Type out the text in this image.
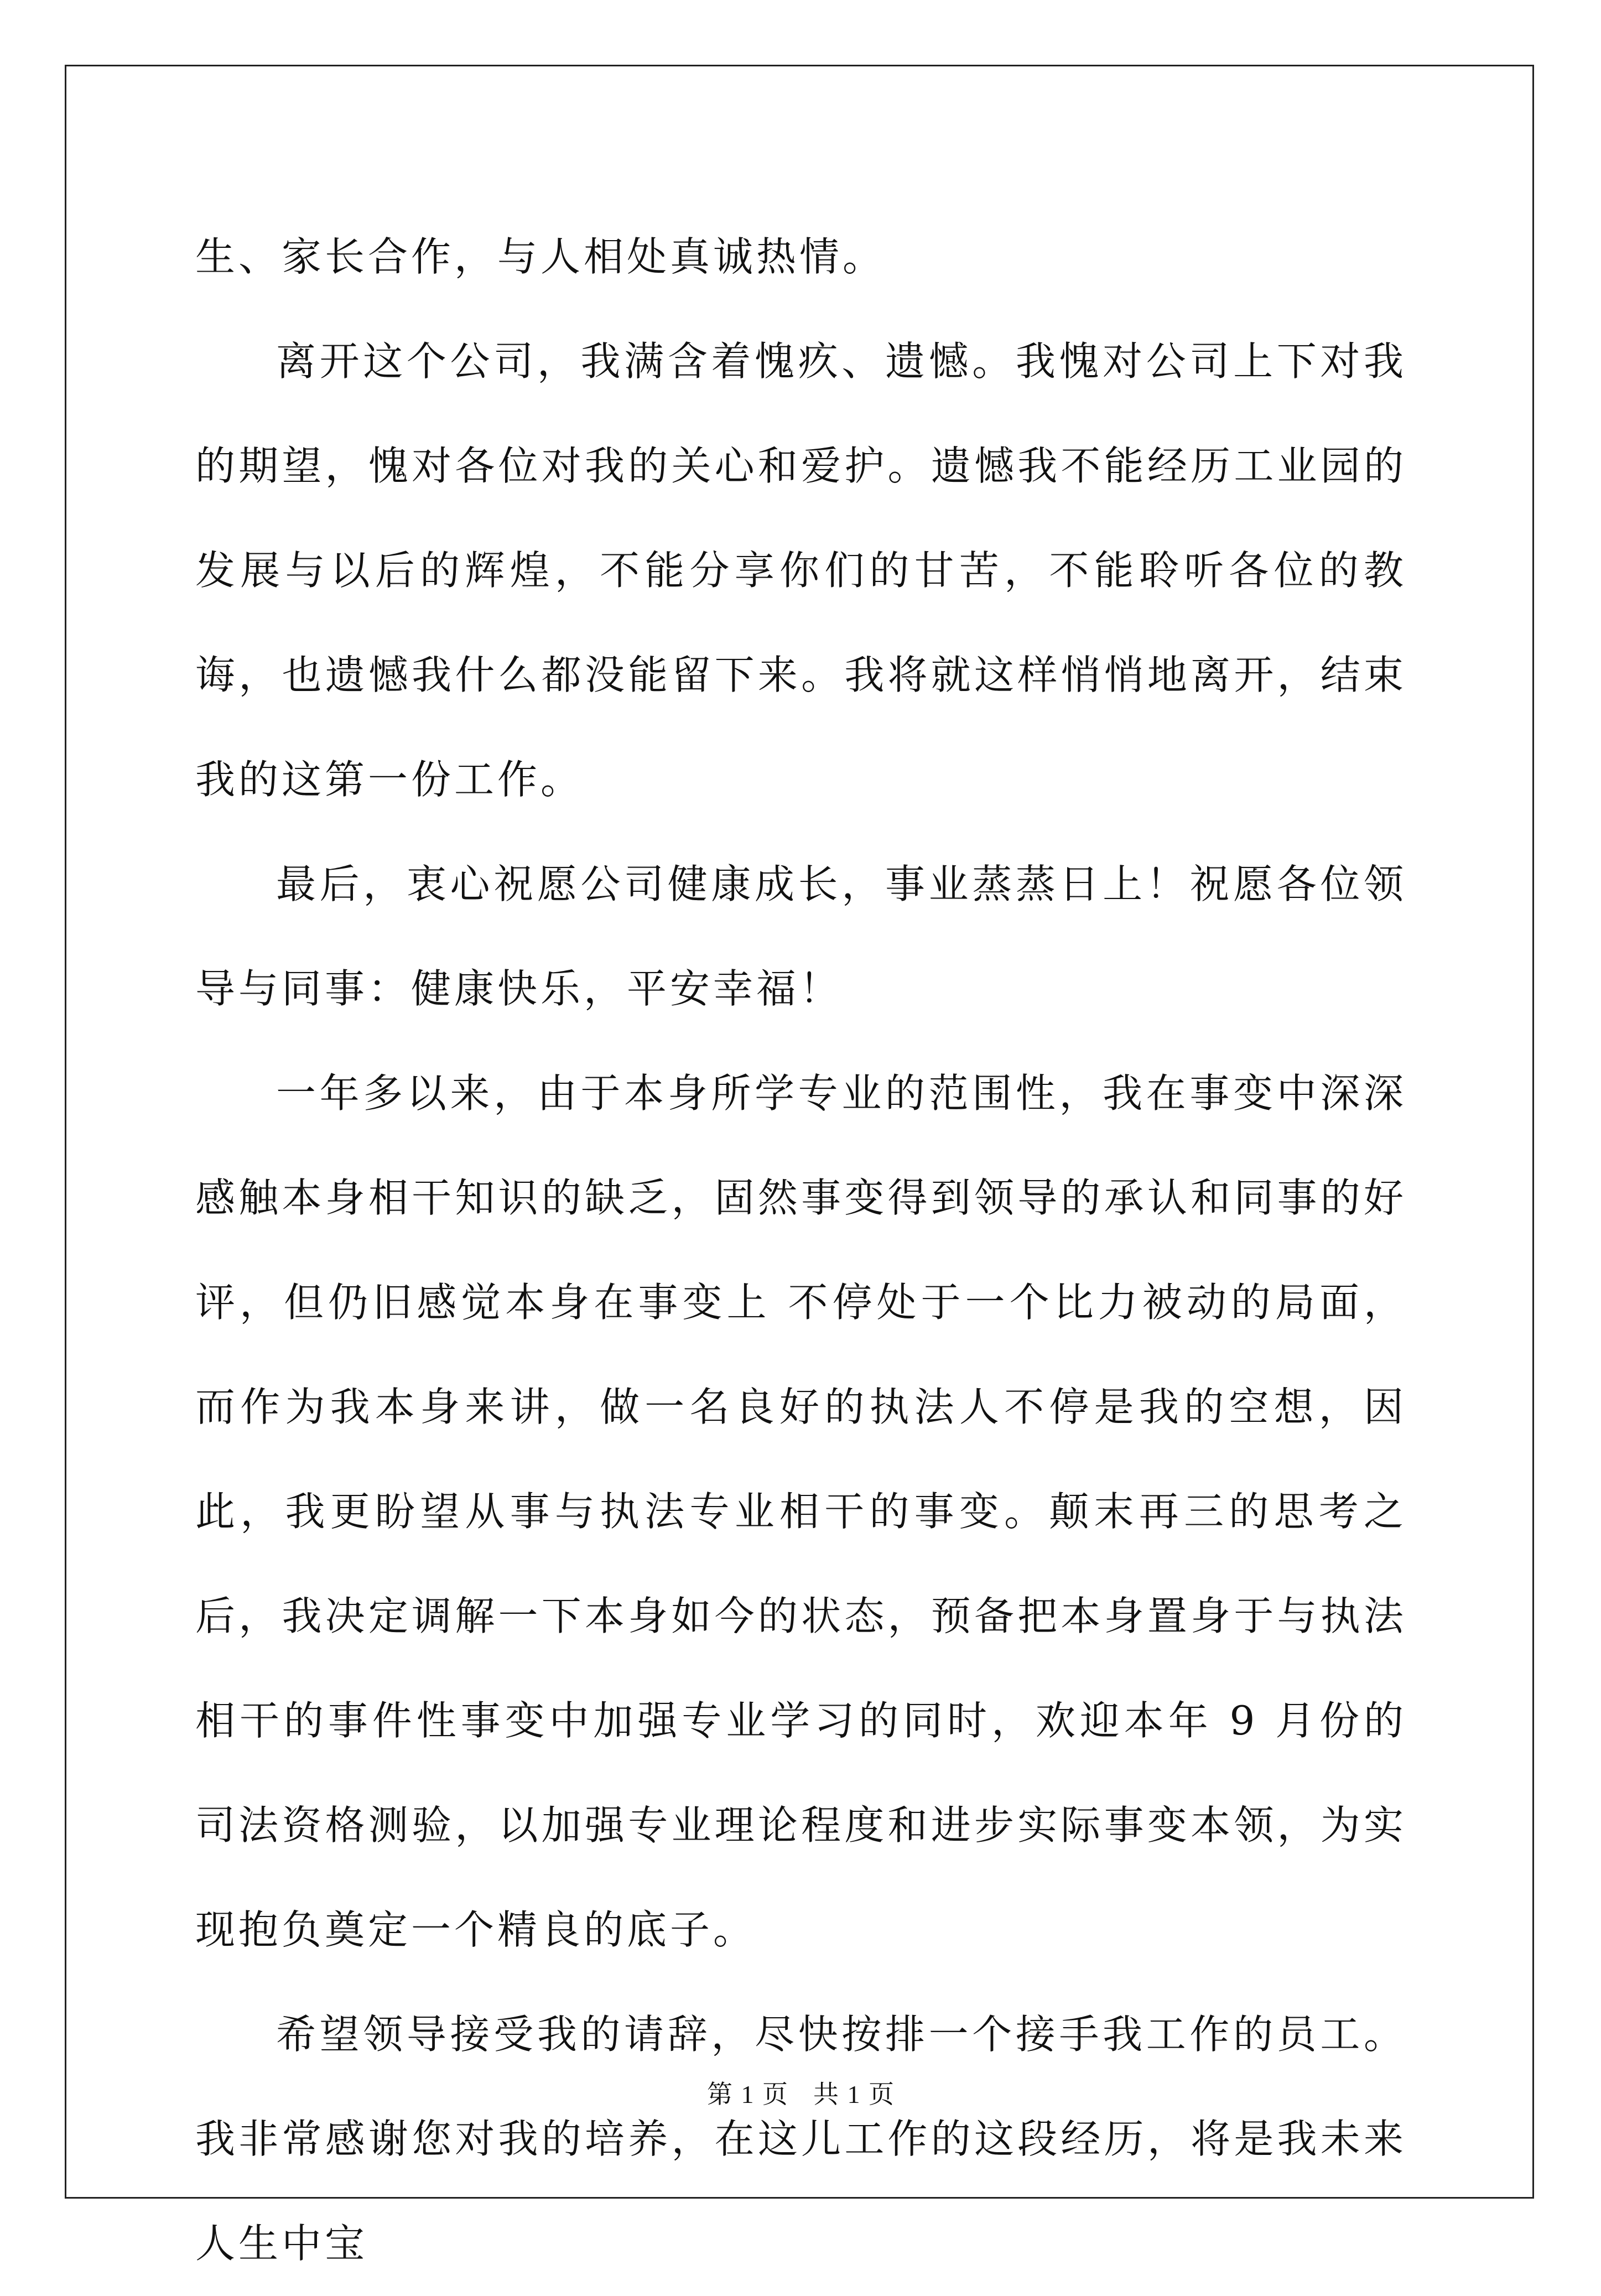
生、家长合作，与人相处真诚热情。

离开这个公司，我满含着愧疚、遗憾。我愧对公司上下对我的期望，愧对各位对我的关心和爱护。遗憾我不能经历工业园的发展与以后的辉煌，不能分享你们的甘苦，不能聆听各位的教诲，也遗憾我什么都没能留下来。我将就这样悄悄地离开，结束我的这第一份工作。

最后，衷心祝愿公司健康成长，事业蒸蒸日上！祝愿各位领导与同事：健康快乐，平安幸福！

一年多以来，由于本身所学专业的范围性，我在事变中深深感触本身相干知识的缺乏，固然事变得到领导的承认和同事的好评，但仍旧感觉本身在事变上 不停处于一个比力被动的局面，而作为我本身来讲，做一名良好的执法人不停是我的空想，因此，我更盼望从事与执法专业相干的事变。颠末再三的思考之后，我决定调解一下本身如今的状态，预备把本身置身于与执法相干的事件性事变中加强专业学习的同时，欢迎本年 9 月份的司法资格测验，以加强专业理论程度和进步实际事变本领，为实现抱负奠定一个精良的底子。

希望领导接受我的请辞，尽快按排一个接手我工作的员工。我非常感谢您对我的培养，在这儿工作的这段经历，将是我未来人生中宝

第 1 页　共 1 页
